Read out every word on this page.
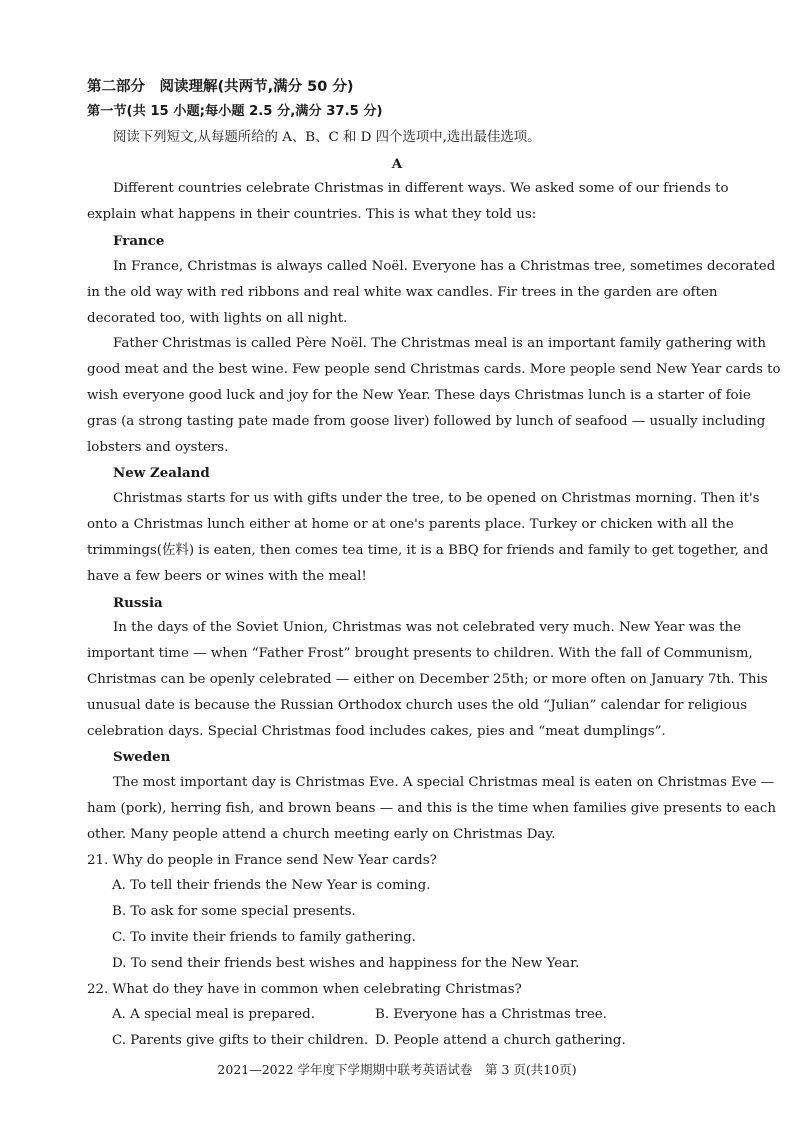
第二部分　阅读理解(共两节,满分 50 分)
第一节(共 15 小题;每小题 2.5 分,满分 37.5 分)
阅读下列短文,从每题所给的 A、B、C 和 D 四个选项中,选出最佳选项。
A
Different countries celebrate Christmas in different ways. We asked some of our friends to
explain what happens in their countries. This is what they told us:
France
In France, Christmas is always called Noël. Everyone has a Christmas tree, sometimes decorated
in the old way with red ribbons and real white wax candles. Fir trees in the garden are often
decorated too, with lights on all night.
Father Christmas is called Père Noël. The Christmas meal is an important family gathering with
good meat and the best wine. Few people send Christmas cards. More people send New Year cards to
wish everyone good luck and joy for the New Year. These days Christmas lunch is a starter of foie
gras (a strong tasting pate made from goose liver) followed by lunch of seafood — usually including
lobsters and oysters.
New Zealand
Christmas starts for us with gifts under the tree, to be opened on Christmas morning. Then it's
onto a Christmas lunch either at home or at one's parents place. Turkey or chicken with all the
trimmings(佐料) is eaten, then comes tea time, it is a BBQ for friends and family to get together, and
have a few beers or wines with the meal!
Russia
In the days of the Soviet Union, Christmas was not celebrated very much. New Year was the
important time — when “Father Frost” brought presents to children. With the fall of Communism,
Christmas can be openly celebrated — either on December 25th; or more often on January 7th. This
unusual date is because the Russian Orthodox church uses the old “Julian” calendar for religious
celebration days. Special Christmas food includes cakes, pies and “meat dumplings”.
Sweden
The most important day is Christmas Eve. A special Christmas meal is eaten on Christmas Eve —
ham (pork), herring fish, and brown beans — and this is the time when families give presents to each
other. Many people attend a church meeting early on Christmas Day.
21. Why do people in France send New Year cards?
A. To tell their friends the New Year is coming.
B. To ask for some special presents.
C. To invite their friends to family gathering.
D. To send their friends best wishes and happiness for the New Year.
22. What do they have in common when celebrating Christmas?
A. A special meal is prepared.	B. Everyone has a Christmas tree.
C. Parents give gifts to their children. D. People attend a church gathering.
2021—2022 学年度下学期期中联考英语试卷　第 3 页(共10页)
